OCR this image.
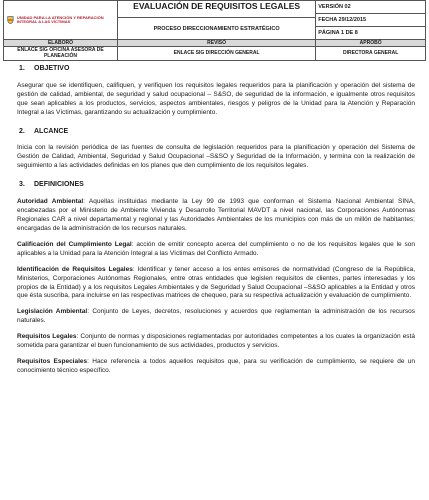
UNIDAD PARA LA ATENCIÓN Y REPARACIÓN INTEGRAL A LAS VÍCTIMAS	EVALUACIÓN DE REQUISITOS LEGALES	VERSIÓN 02
FECHA 29/12/2015
PÁGINA 1 DE 8

	PROCESO DIRECCIONAMIENTO ESTRATÉGICO	
ELABORÓ	REVISÓ	APROBÓ
ENLACE SIG OFICINA ASESORA DE PLANEACIÓN	ENLACE SIG DIRECCIÓN GENERAL	DIRECTORA GENERAL
1. OBJETIVO

Asegurar que se identifiquen, califiquen, y verifiquen los requisitos legales requeridos para la planificación y operación del sistema de gestión de calidad, ambiental, de seguridad y salud ocupacional – S&SO, de seguridad de la información, e igualmente otros requisitos que sean aplicables a los productos, servicios, aspectos ambientales, riesgos y peligros de la Unidad para la Atención y Reparación Integral a las Víctimas, garantizando su actualización y cumplimiento.

2. ALCANCE

Inicia con la revisión periódica de las fuentes de consulta de legislación requeridos para la planificación y operación del Sistema de Gestión de Calidad, Ambiental, Seguridad y Salud Ocupacional –S&SO y Seguridad de la Información, y termina con la realización de seguimiento a las actividades definidas en los planes que den cumplimiento de los requisitos legales.

3. DEFINICIONES

Autoridad Ambiental: Aquellas instituidas mediante la Ley 99 de 1993 que conforman el Sistema Nacional Ambiental SINA, encabezadas por el Ministerio de Ambiente Vivienda y Desarrollo Territorial MAVDT a nivel nacional, las Corporaciones Autónomas Regionales CAR a nivel departamental y regional y las Autoridades Ambientales de los municipios con más de un millón de habitantes; encargadas de la administración de los recursos naturales.

Calificación del Cumplimiento Legal: acción de emitir concepto acerca del cumplimiento o no de los requisitos legales que le son aplicables a la Unidad para la Atención Integral a las Víctimas del Conflicto Armado.

Identificación de Requisitos Legales: Identificar y tener acceso a los entes emisores de normatividad (Congreso de la República, Ministerios, Corporaciones Autónomas Regionales, entre otras entidades que legislen requisitos de clientes, partes interesadas y los propios de la Entidad) y a los requisitos Legales Ambientales y de Seguridad y Salud Ocupacional –S&SO aplicables a la Entidad y otros que ésta suscriba, para incluirse en las respectivas matrices de chequeo, para su respectiva actualización y evaluación de cumplimiento.

Legislación Ambiental: Conjunto de Leyes, decretos, resoluciones y acuerdos que reglamentan la administración de los recursos naturales.

Requisitos Legales: Conjunto de normas y disposiciones reglamentadas por autoridades competentes a los cuales la organización está sometida para garantizar el buen funcionamiento de sus actividades, productos y servicios.

Requisitos Especiales: Hace referencia a todos aquellos requisitos que, para su verificación de cumplimiento, se requiere de un conocimiento técnico específico.
